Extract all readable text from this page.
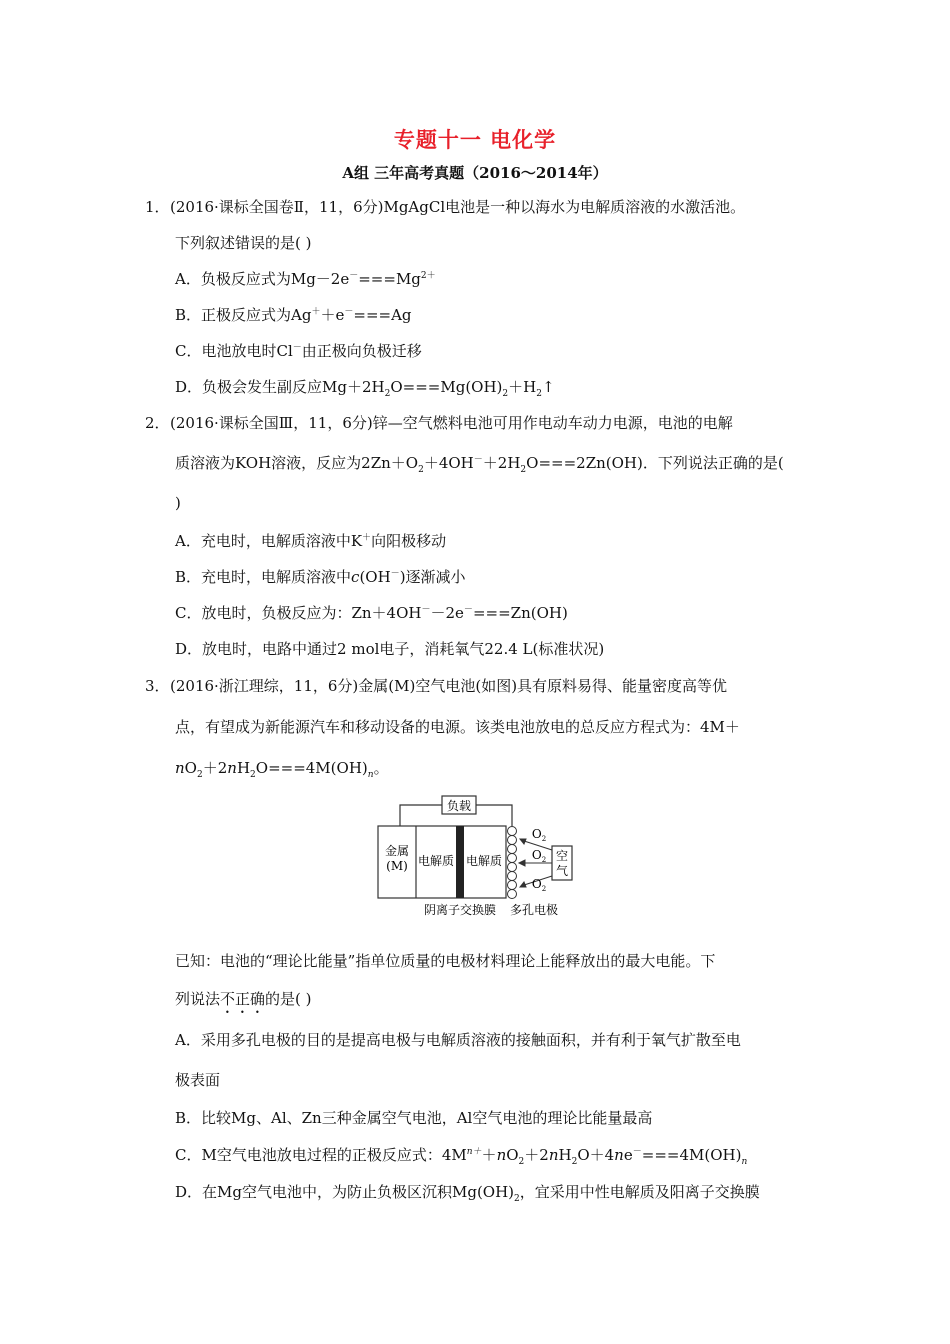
专题十一 电化学
A组 三年高考真题（2016～2014年）
1． (2016·课标全国卷Ⅱ，11，6分)MgAgCl电池是一种以海水为电解质溶液的水激活池。
下列叙述错误的是( )
A．负极反应式为$Mg-2e^-===Mg^{2+}$
B．正极反应式为Ag＋＋e－===Ag
C．电池放电时Cl－由正极向负极迁移
D．负极会发生副反应$Mg+2H_2O===Mg(OH)_2+H_2↑$
2． (2016·课标全国Ⅲ，11，6分)锌—空气燃料电池可用作电动车动力电源，电池的电解
质溶液为KOH溶液，反应为$2Zn+O_2+4OH^-+2H_2O===2Zn(OH)$．下列说法正确的是(
)
A．充电时，电解质溶液中K＋向阳极移动
B．充电时，电解质溶液中c(OH－)逐渐减小
C．放电时，负极反应为：Zn＋4OH－－2e－===Zn(OH)
D．放电时，电路中通过2 mol电子，消耗氧气22.4 L(标准状况)
3． (2016·浙江理综，11，6分)金属(M)空气电池(如图)具有原料易得、能量密度高等优
点，有望成为新能源汽车和移动设备的电源。该类电池放电的总反应方程式为：4M＋
$nO_2+2nH_2O===4M(OH)_n$。
负载
金属
(M) 电解质 电解质	空
气
$O_2$
$O_2$
$O_2$
阴离子交换膜 多孔电极
已知：电池的“理论比能量”指单位质量的电极材料理论上能释放出的最大电能。下
列说法不正确的是( )
A．采用多孔电极的目的是提高电极与电解质溶液的接触面积，并有利于氧气扩散至电
极表面
B．比较Mg、Al、Zn三种金属空气电池，Al空气电池的理论比能量最高
C．M空气电池放电过程的正极反应式：$4M^{n+}+nO_2+2nH_2O+4ne^-===4M(OH)_n$
D．在Mg空气电池中，为防止负极区沉积$Mg(OH)_2$，宜采用中性电解质及阳离子交换膜
